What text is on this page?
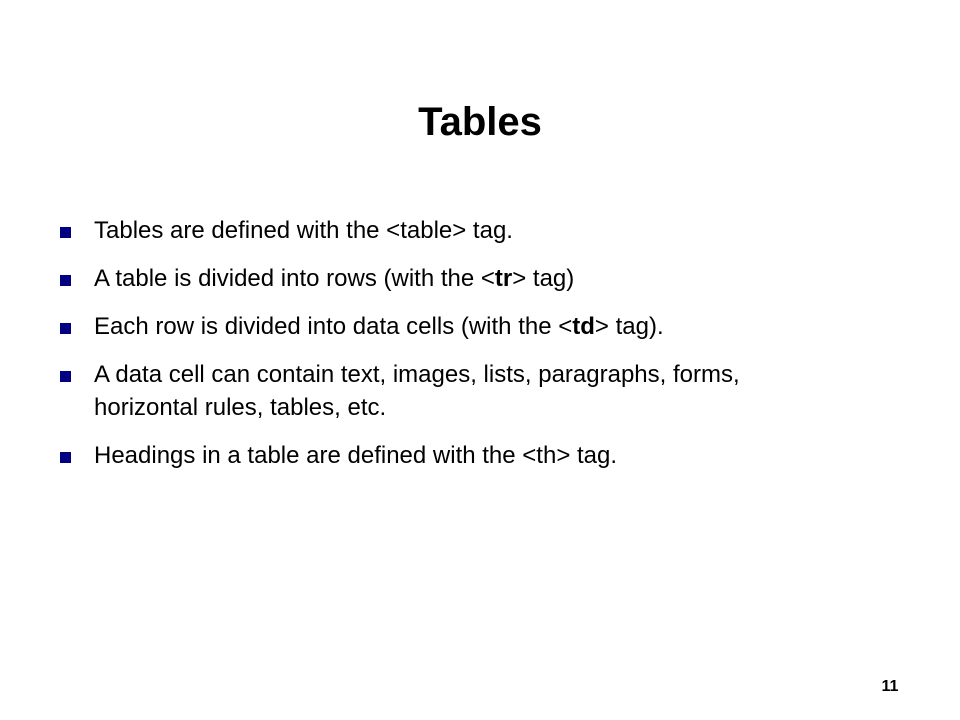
Tables
Tables are defined with the <table> tag.
A table is divided into rows (with the <tr> tag)
Each row is divided into data cells (with the <td> tag).
A data cell can contain text, images, lists, paragraphs, forms, horizontal rules, tables, etc.
Headings in a table are defined with the <th> tag.
11
